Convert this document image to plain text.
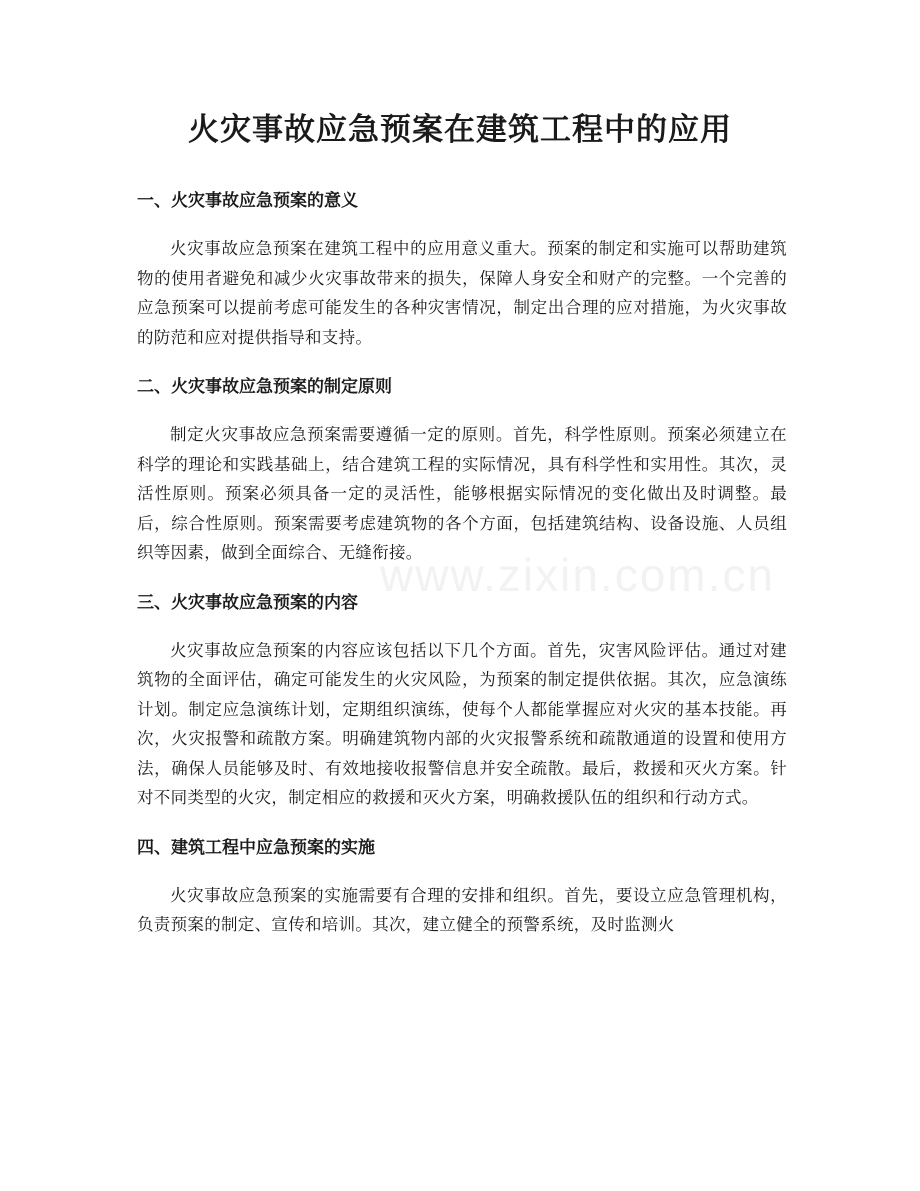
www.zixin.com.cn
火灾事故应急预案在建筑工程中的应用
一、火灾事故应急预案的意义

火灾事故应急预案在建筑工程中的应用意义重大。预案的制定和实施可以帮助建筑物的使用者避免和减少火灾事故带来的损失，保障人身安全和财产的完整。一个完善的应急预案可以提前考虑可能发生的各种灾害情况，制定出合理的应对措施，为火灾事故的防范和应对提供指导和支持。

二、火灾事故应急预案的制定原则

制定火灾事故应急预案需要遵循一定的原则。首先，科学性原则。预案必须建立在科学的理论和实践基础上，结合建筑工程的实际情况，具有科学性和实用性。其次，灵活性原则。预案必须具备一定的灵活性，能够根据实际情况的变化做出及时调整。最后，综合性原则。预案需要考虑建筑物的各个方面，包括建筑结构、设备设施、人员组织等因素，做到全面综合、无缝衔接。

三、火灾事故应急预案的内容

火灾事故应急预案的内容应该包括以下几个方面。首先，灾害风险评估。通过对建筑物的全面评估，确定可能发生的火灾风险，为预案的制定提供依据。其次，应急演练计划。制定应急演练计划，定期组织演练，使每个人都能掌握应对火灾的基本技能。再次，火灾报警和疏散方案。明确建筑物内部的火灾报警系统和疏散通道的设置和使用方法，确保人员能够及时、有效地接收报警信息并安全疏散。最后，救援和灭火方案。针对不同类型的火灾，制定相应的救援和灭火方案，明确救援队伍的组织和行动方式。

四、建筑工程中应急预案的实施

火灾事故应急预案的实施需要有合理的安排和组织。首先，要设立应急管理机构，负责预案的制定、宣传和培训。其次，建立健全的预警系统，及时监测火
